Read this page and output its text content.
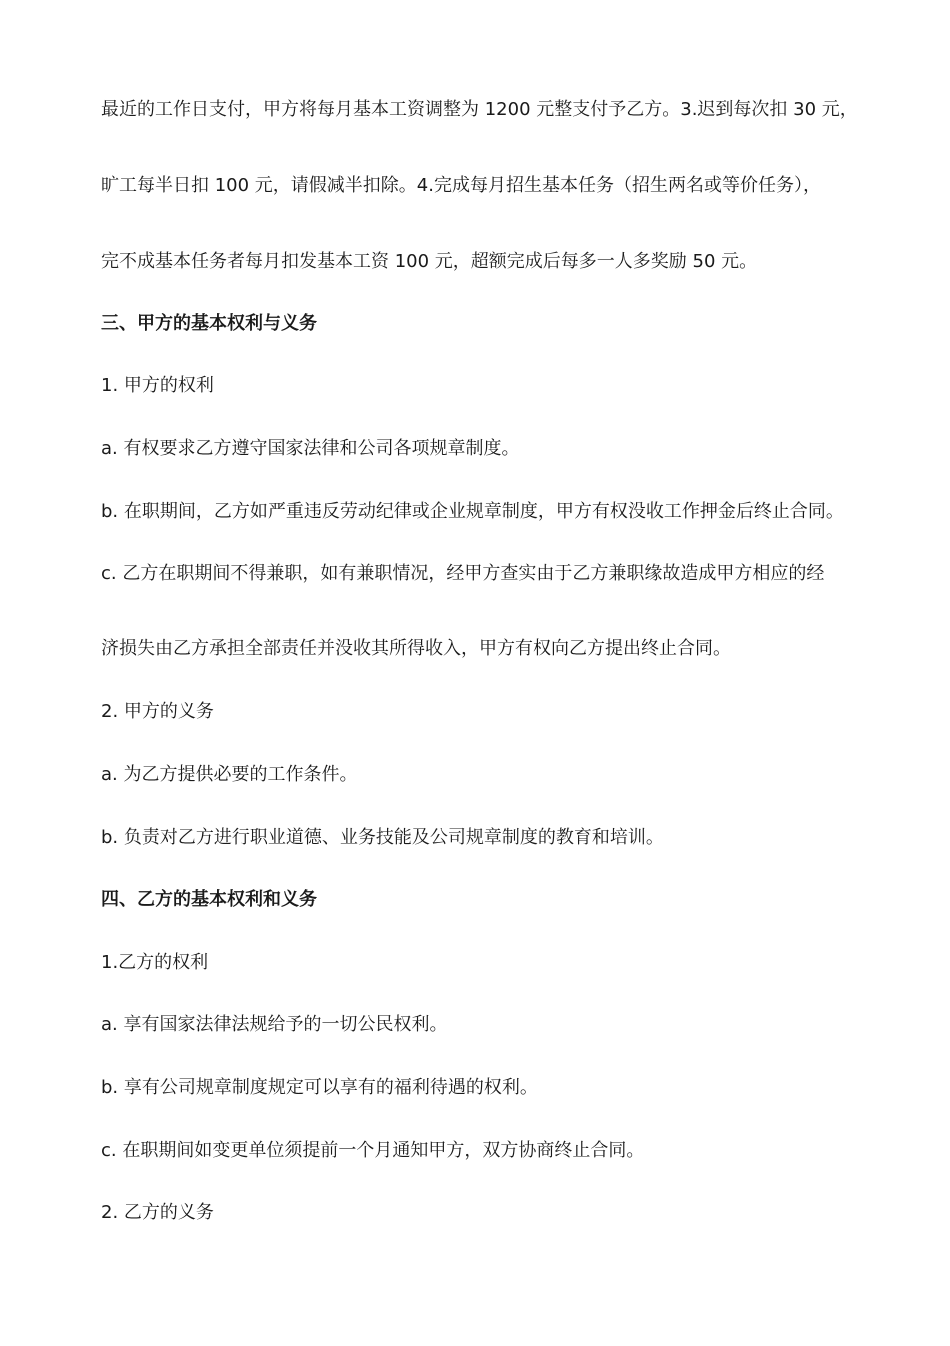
最近的工作日支付，甲方将每月基本工资调整为 1200 元整支付予乙方。3.迟到每次扣 30 元，
旷工每半日扣 100 元，请假减半扣除。4.完成每月招生基本任务（招生两名或等价任务），
完不成基本任务者每月扣发基本工资 100 元，超额完成后每多一人多奖励 50 元。
三、甲方的基本权利与义务
1. 甲方的权利
a. 有权要求乙方遵守国家法律和公司各项规章制度。
b. 在职期间，乙方如严重违反劳动纪律或企业规章制度，甲方有权没收工作押金后终止合同。
c. 乙方在职期间不得兼职，如有兼职情况，经甲方查实由于乙方兼职缘故造成甲方相应的经
济损失由乙方承担全部责任并没收其所得收入，甲方有权向乙方提出终止合同。
2. 甲方的义务
a. 为乙方提供必要的工作条件。
b. 负责对乙方进行职业道德、业务技能及公司规章制度的教育和培训。
四、乙方的基本权利和义务
1.乙方的权利
a. 享有国家法律法规给予的一切公民权利。
b. 享有公司规章制度规定可以享有的福利待遇的权利。
c. 在职期间如变更单位须提前一个月通知甲方，双方协商终止合同。
2. 乙方的义务
